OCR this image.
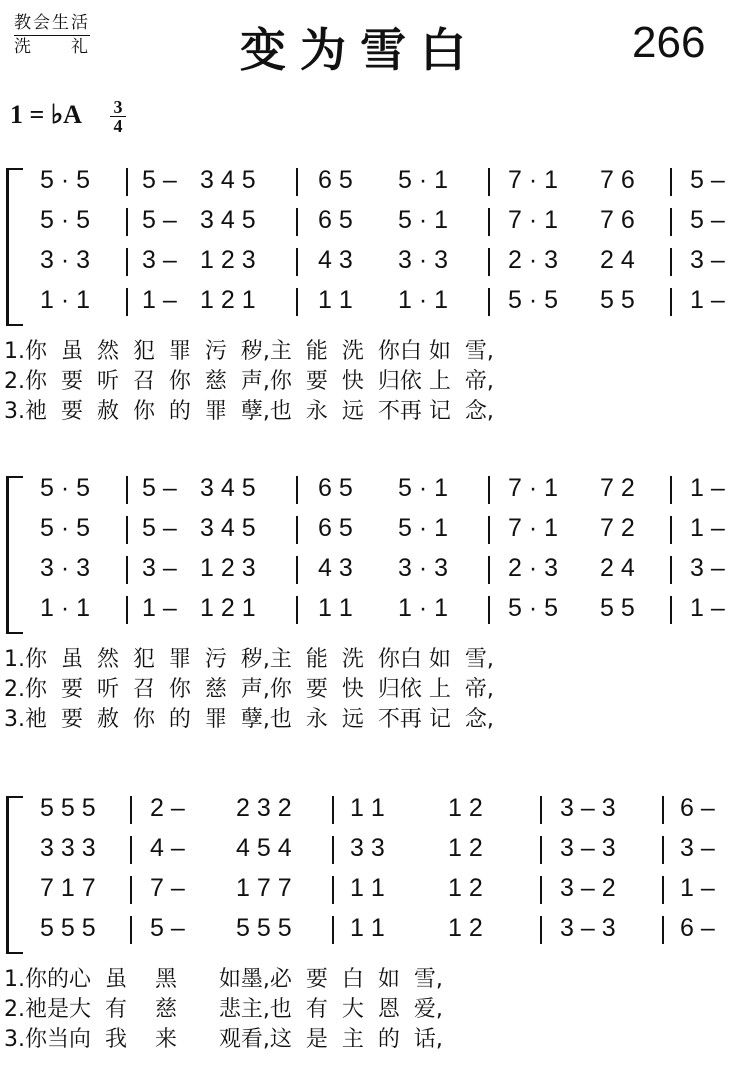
教会生活
洗　　礼	变为雪白	266
1 = ♭A 3
4
5 · 5 5 – 3 4 5 6 5 5 · 1 7 · 1 7 6 5 –
5 · 5 5 – 3 4 5 6 5 5 · 1 7 · 1 7 6 5 –
3 · 3 3 – 1 2 3 4 3 3 · 3 2 · 3 2 4 3 –
1 · 1 1 – 1 2 1 1 1 1 · 1 5 · 5 5 5 1 –
1.你  虽  然  犯  罪  污  秽,主  能  洗  你白 如  雪,
2.你  要  听  召  你  慈  声,你  要  快  归依 上  帝,
3.祂  要  赦  你  的  罪  孽,也  永  远  不再 记  念,
5 · 5 5 – 3 4 5 6 5 5 · 1 7 · 1 7 2 1 –
5 · 5 5 – 3 4 5 6 5 5 · 1 7 · 1 7 2 1 –
3 · 3 3 – 1 2 3 4 3 3 · 3 2 · 3 2 4 3 –
1 · 1 1 – 1 2 1 1 1 1 · 1 5 · 5 5 5 1 –
1.你  虽  然  犯  罪  污  秽,主  能  洗  你白 如  雪,
2.你  要  听  召  你  慈  声,你  要  快  归依 上  帝,
3.祂  要  赦  你  的  罪  孽,也  永  远  不再 记  念,
5 5 5 2 – 2 3 2 1 1	1 2	3 – 3	6 –
3 3 3 4 – 4 5 4 3 3	1 2	3 – 3	3 –
7 1 7 7 – 1 7 7 1 1	1 2	3 – 2	1 –
5 5 5 5 – 5 5 5 1 1	1 2	3 – 3	6 –
1.你的心  虽    黑      如墨,必  要  白  如  雪,
2.祂是大  有    慈      悲主,也  有  大  恩  爱,
3.你当向  我    来      观看,这  是  主  的  话,
